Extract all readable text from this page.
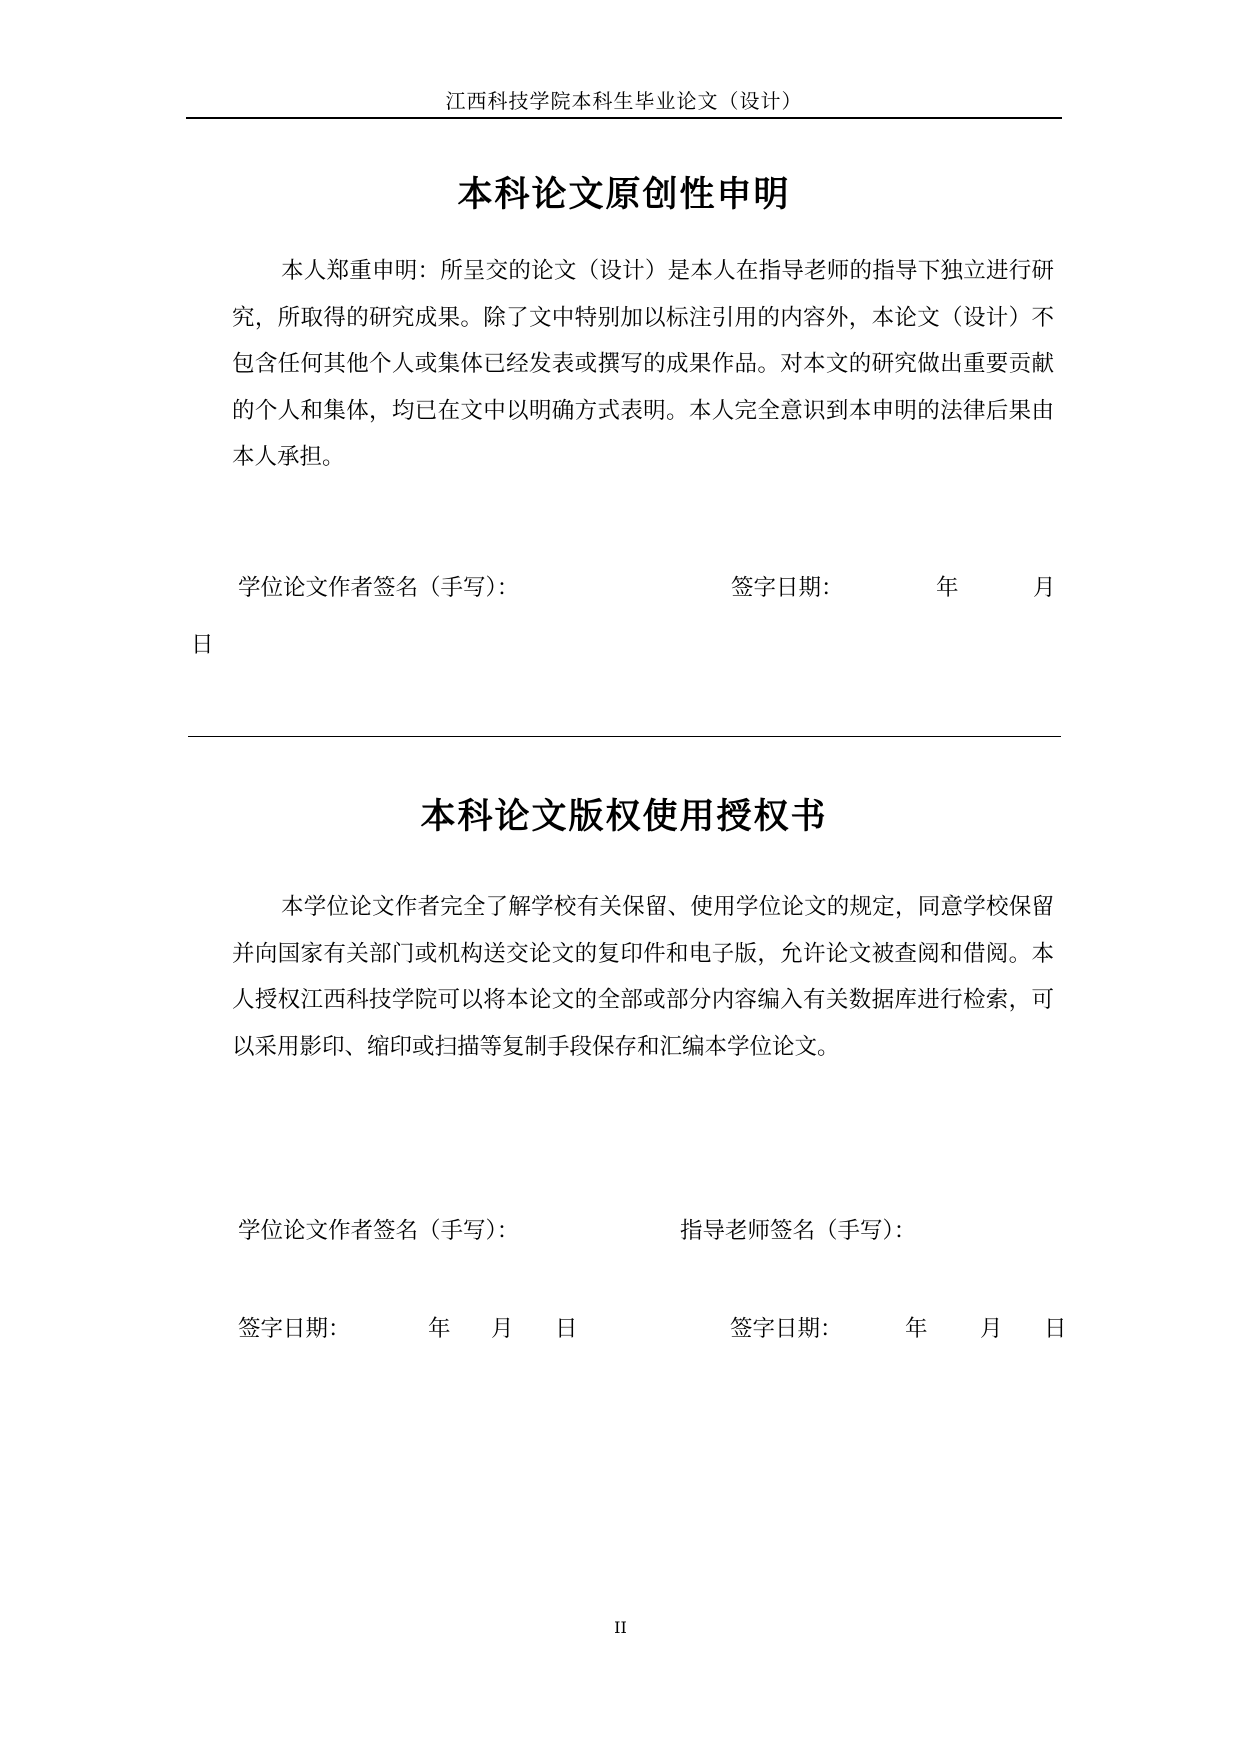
江西科技学院本科生毕业论文（设计）
本科论文原创性申明

本人郑重申明：所呈交的论文（设计）是本人在指导老师的指导下独立进行研究，所取得的研究成果。除了文中特别加以标注引用的内容外，本论文（设计）不包含任何其他个人或集体已经发表或撰写的成果作品。对本文的研究做出重要贡献的个人和集体，均已在文中以明确方式表明。本人完全意识到本申明的法律后果由本人承担。

学位论文作者签名（手写）：	签字日期：	年	月
日
本科论文版权使用授权书

本学位论文作者完全了解学校有关保留、使用学位论文的规定，同意学校保留并向国家有关部门或机构送交论文的复印件和电子版，允许论文被查阅和借阅。本人授权江西科技学院可以将本论文的全部或部分内容编入有关数据库进行检索，可以采用影印、缩印或扫描等复制手段保存和汇编本学位论文。

学位论文作者签名（手写）：	指导老师签名（手写）：
签字日期：	年 月 日	签字日期：	年 月 日
II
